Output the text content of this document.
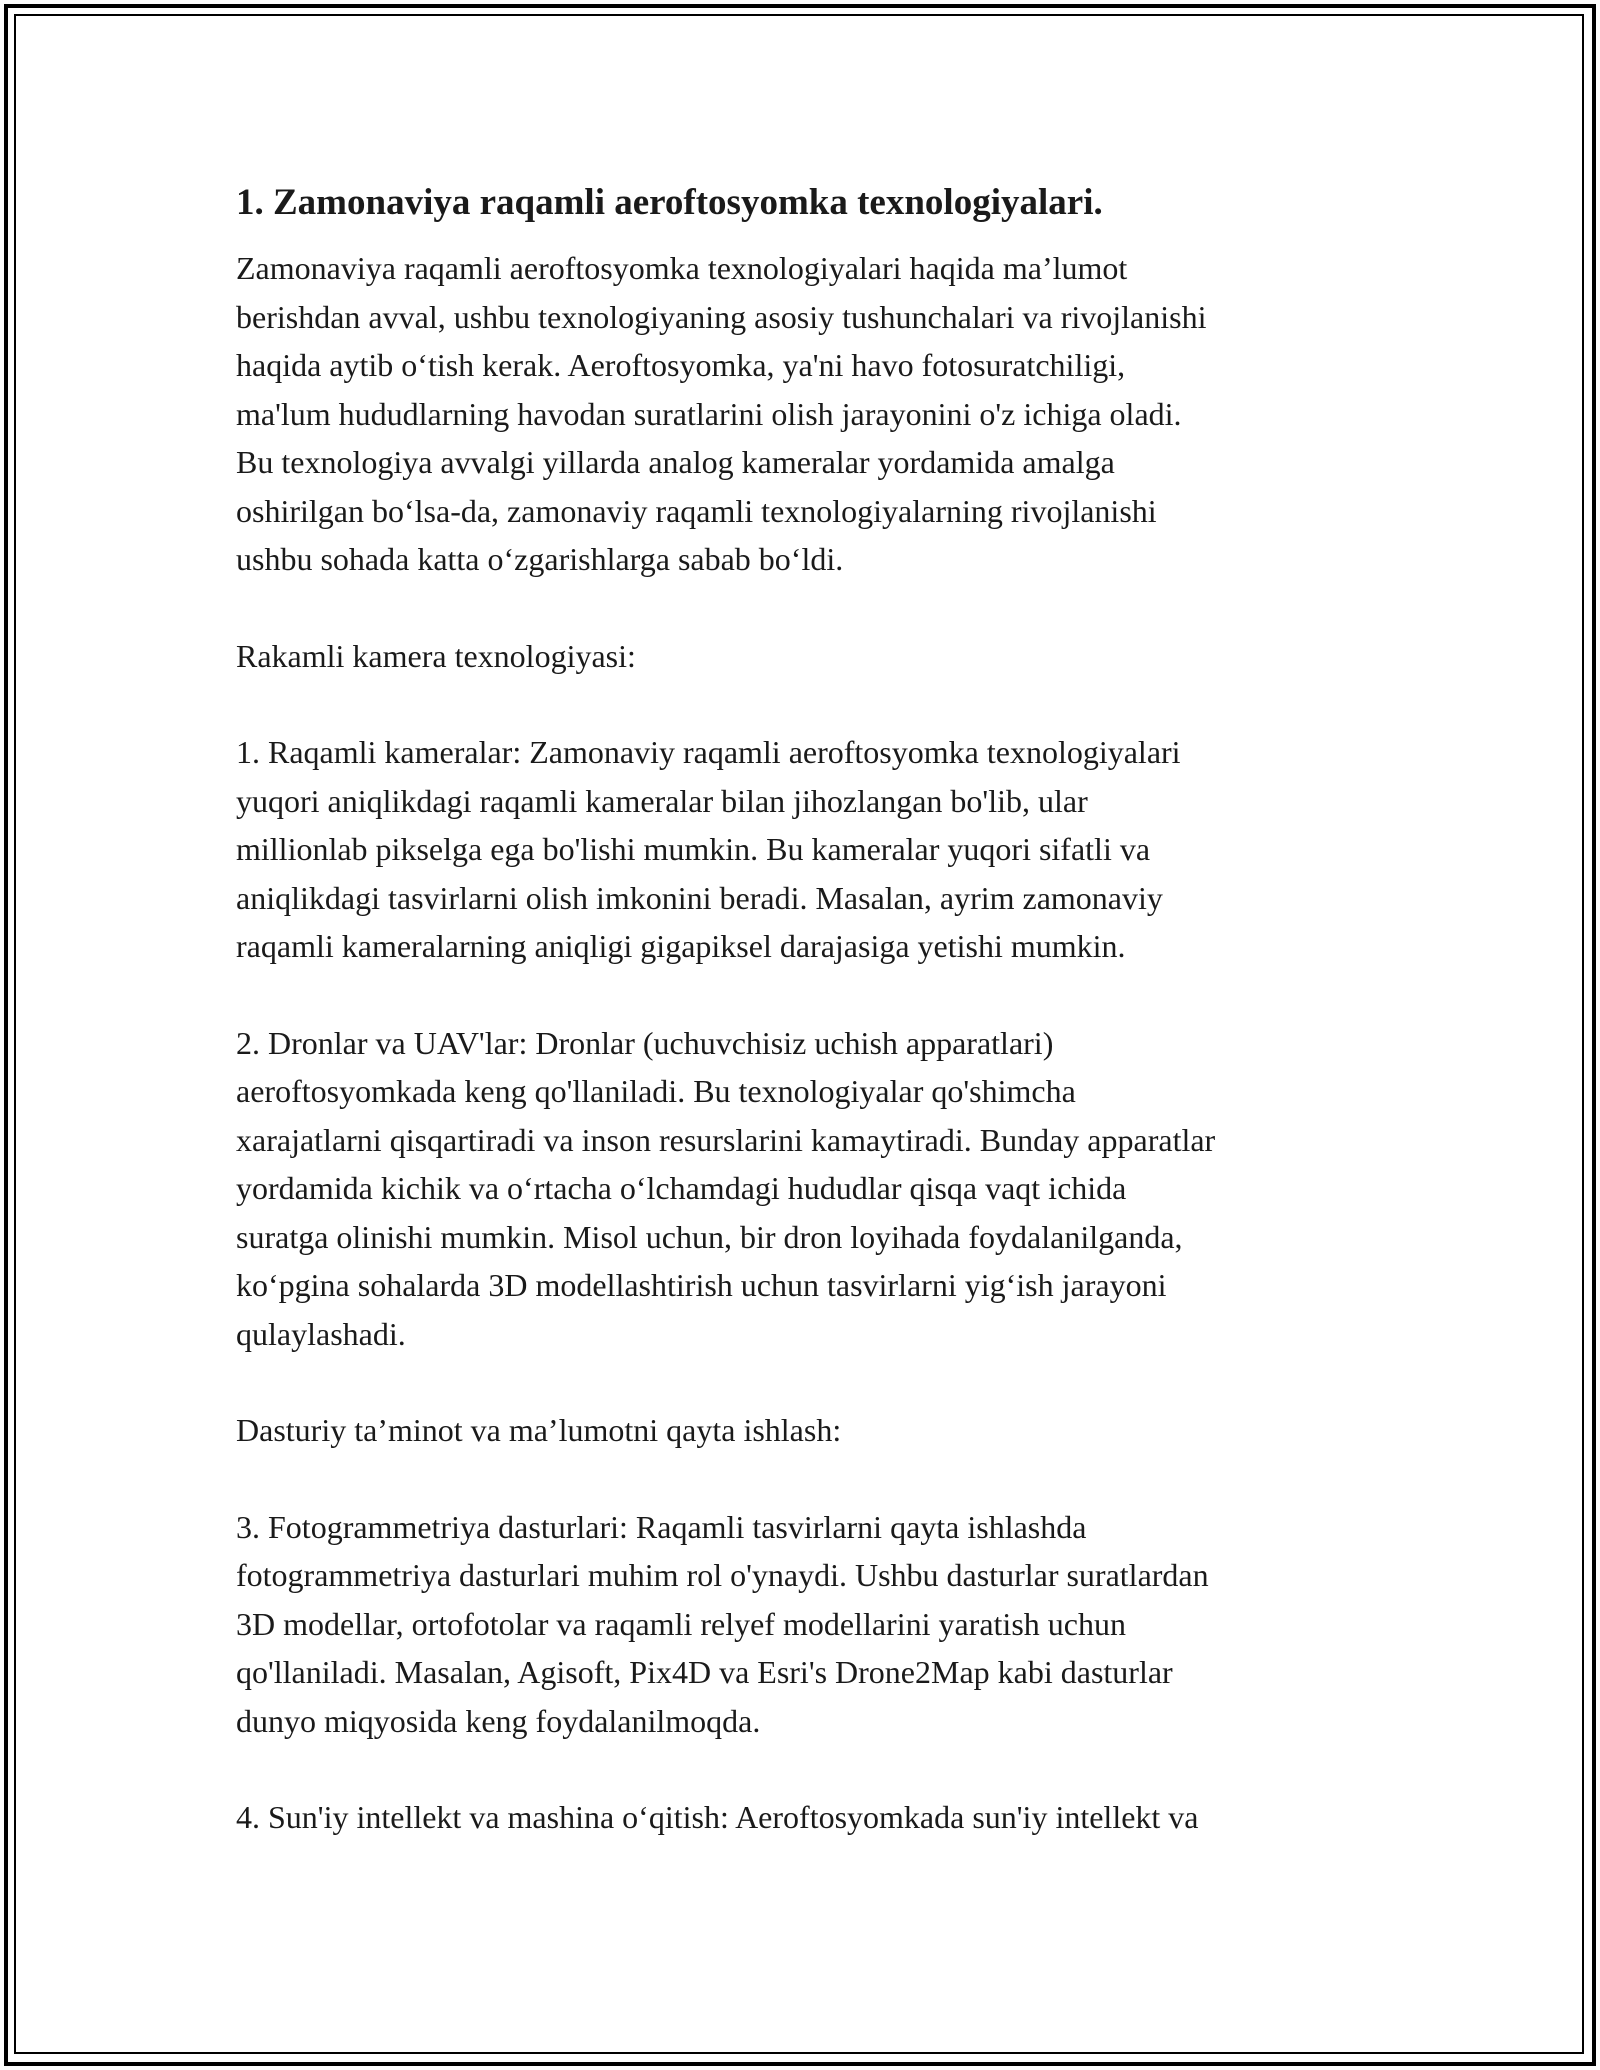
1. Zamonaviya raqamli aeroftosyomka texnologiyalari.

Zamonaviya raqamli aeroftosyomka texnologiyalari haqida ma’lumot
berishdan avval, ushbu texnologiyaning asosiy tushunchalari va rivojlanishi
haqida aytib o‘tish kerak. Aeroftosyomka, ya'ni havo fotosuratchiligi,
ma'lum hududlarning havodan suratlarini olish jarayonini o'z ichiga oladi.
Bu texnologiya avvalgi yillarda analog kameralar yordamida amalga
oshirilgan bo‘lsa-da, zamonaviy raqamli texnologiyalarning rivojlanishi
ushbu sohada katta o‘zgarishlarga sabab bo‘ldi.

Rakamli kamera texnologiyasi:

1. Raqamli kameralar: Zamonaviy raqamli aeroftosyomka texnologiyalari
yuqori aniqlikdagi raqamli kameralar bilan jihozlangan bo'lib, ular
millionlab pikselga ega bo'lishi mumkin. Bu kameralar yuqori sifatli va
aniqlikdagi tasvirlarni olish imkonini beradi. Masalan, ayrim zamonaviy
raqamli kameralarning aniqligi gigapiksel darajasiga yetishi mumkin.

2. Dronlar va UAV'lar: Dronlar (uchuvchisiz uchish apparatlari)
aeroftosyomkada keng qo'llaniladi. Bu texnologiyalar qo'shimcha
xarajatlarni qisqartiradi va inson resurslarini kamaytiradi. Bunday apparatlar
yordamida kichik va o‘rtacha o‘lchamdagi hududlar qisqa vaqt ichida
suratga olinishi mumkin. Misol uchun, bir dron loyihada foydalanilganda,
ko‘pgina sohalarda 3D modellashtirish uchun tasvirlarni yig‘ish jarayoni
qulaylashadi.

Dasturiy ta’minot va ma’lumotni qayta ishlash:

3. Fotogrammetriya dasturlari: Raqamli tasvirlarni qayta ishlashda
fotogrammetriya dasturlari muhim rol o'ynaydi. Ushbu dasturlar suratlardan
3D modellar, ortofotolar va raqamli relyef modellarini yaratish uchun
qo'llaniladi. Masalan, Agisoft, Pix4D va Esri's Drone2Map kabi dasturlar
dunyo miqyosida keng foydalanilmoqda.

4. Sun'iy intellekt va mashina o‘qitish: Aeroftosyomkada sun'iy intellekt va
